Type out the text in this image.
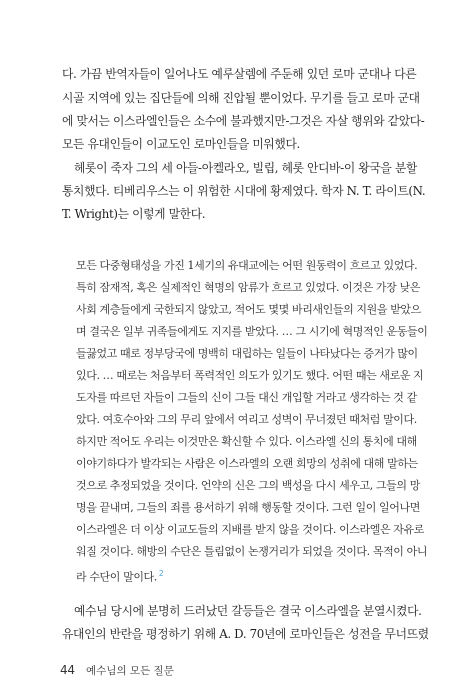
다. 가끔 반역자들이 일어나도 예루살렘에 주둔해 있던 로마 군대나 다른
시골 지역에 있는 집단들에 의해 진압될 뿐이었다. 무기를 들고 로마 군대
에 맞서는 이스라엘인들은 소수에 불과했지만-그것은 자살 행위와 같았다-
모든 유대인들이 이교도인 로마인들을 미워했다.
헤롯이 죽자 그의 세 아들-아켈라오, 빌립, 헤롯 안디바-이 왕국을 분할
통치했다. 티베리우스는 이 위험한 시대에 황제였다. 학자 N. T. 라이트(N.
T. Wright)는 이렇게 말한다.
모든 다중형태성을 가진 1세기의 유대교에는 어떤 원동력이 흐르고 있었다.
특히 잠재적, 혹은 실제적인 혁명의 암류가 흐르고 있었다. 이것은 가장 낮은
사회 계층들에게 국한되지 않았고, 적어도 몇몇 바리새인들의 지원을 받았으
며 결국은 일부 귀족들에게도 지지를 받았다. … 그 시기에 혁명적인 운동들이
들끓었고 때로 정부당국에 명백히 대립하는 일들이 나타났다는 증거가 많이
있다. … 때로는 처음부터 폭력적인 의도가 있기도 했다. 어떤 때는 새로운 지
도자를 따르던 자들이 그들의 신이 그들 대신 개입할 거라고 생각하는 것 같
았다. 여호수아와 그의 무리 앞에서 여리고 성벽이 무너졌던 때처럼 말이다.
하지만 적어도 우리는 이것만은 확신할 수 있다. 이스라엘 신의 통치에 대해
이야기하다가 발각되는 사람은 이스라엘의 오랜 희망의 성취에 대해 말하는
것으로 추정되었을 것이다. 언약의 신은 그의 백성을 다시 세우고, 그들의 망
명을 끝내며, 그들의 죄를 용서하기 위해 행동할 것이다. 그런 일이 일어나면
이스라엘은 더 이상 이교도들의 지배를 받지 않을 것이다. 이스라엘은 자유로
워질 것이다. 해방의 수단은 틀림없이 논쟁거리가 되었을 것이다. 목적이 아니
라 수단이 말이다. $^2$
예수님 당시에 분명히 드러났던 갈등들은 결국 이스라엘을 분열시켰다.
유대인의 반란을 평정하기 위해 A. D. 70년에 로마인들은 성전을 무너뜨렸
44 예수님의 모든 질문
